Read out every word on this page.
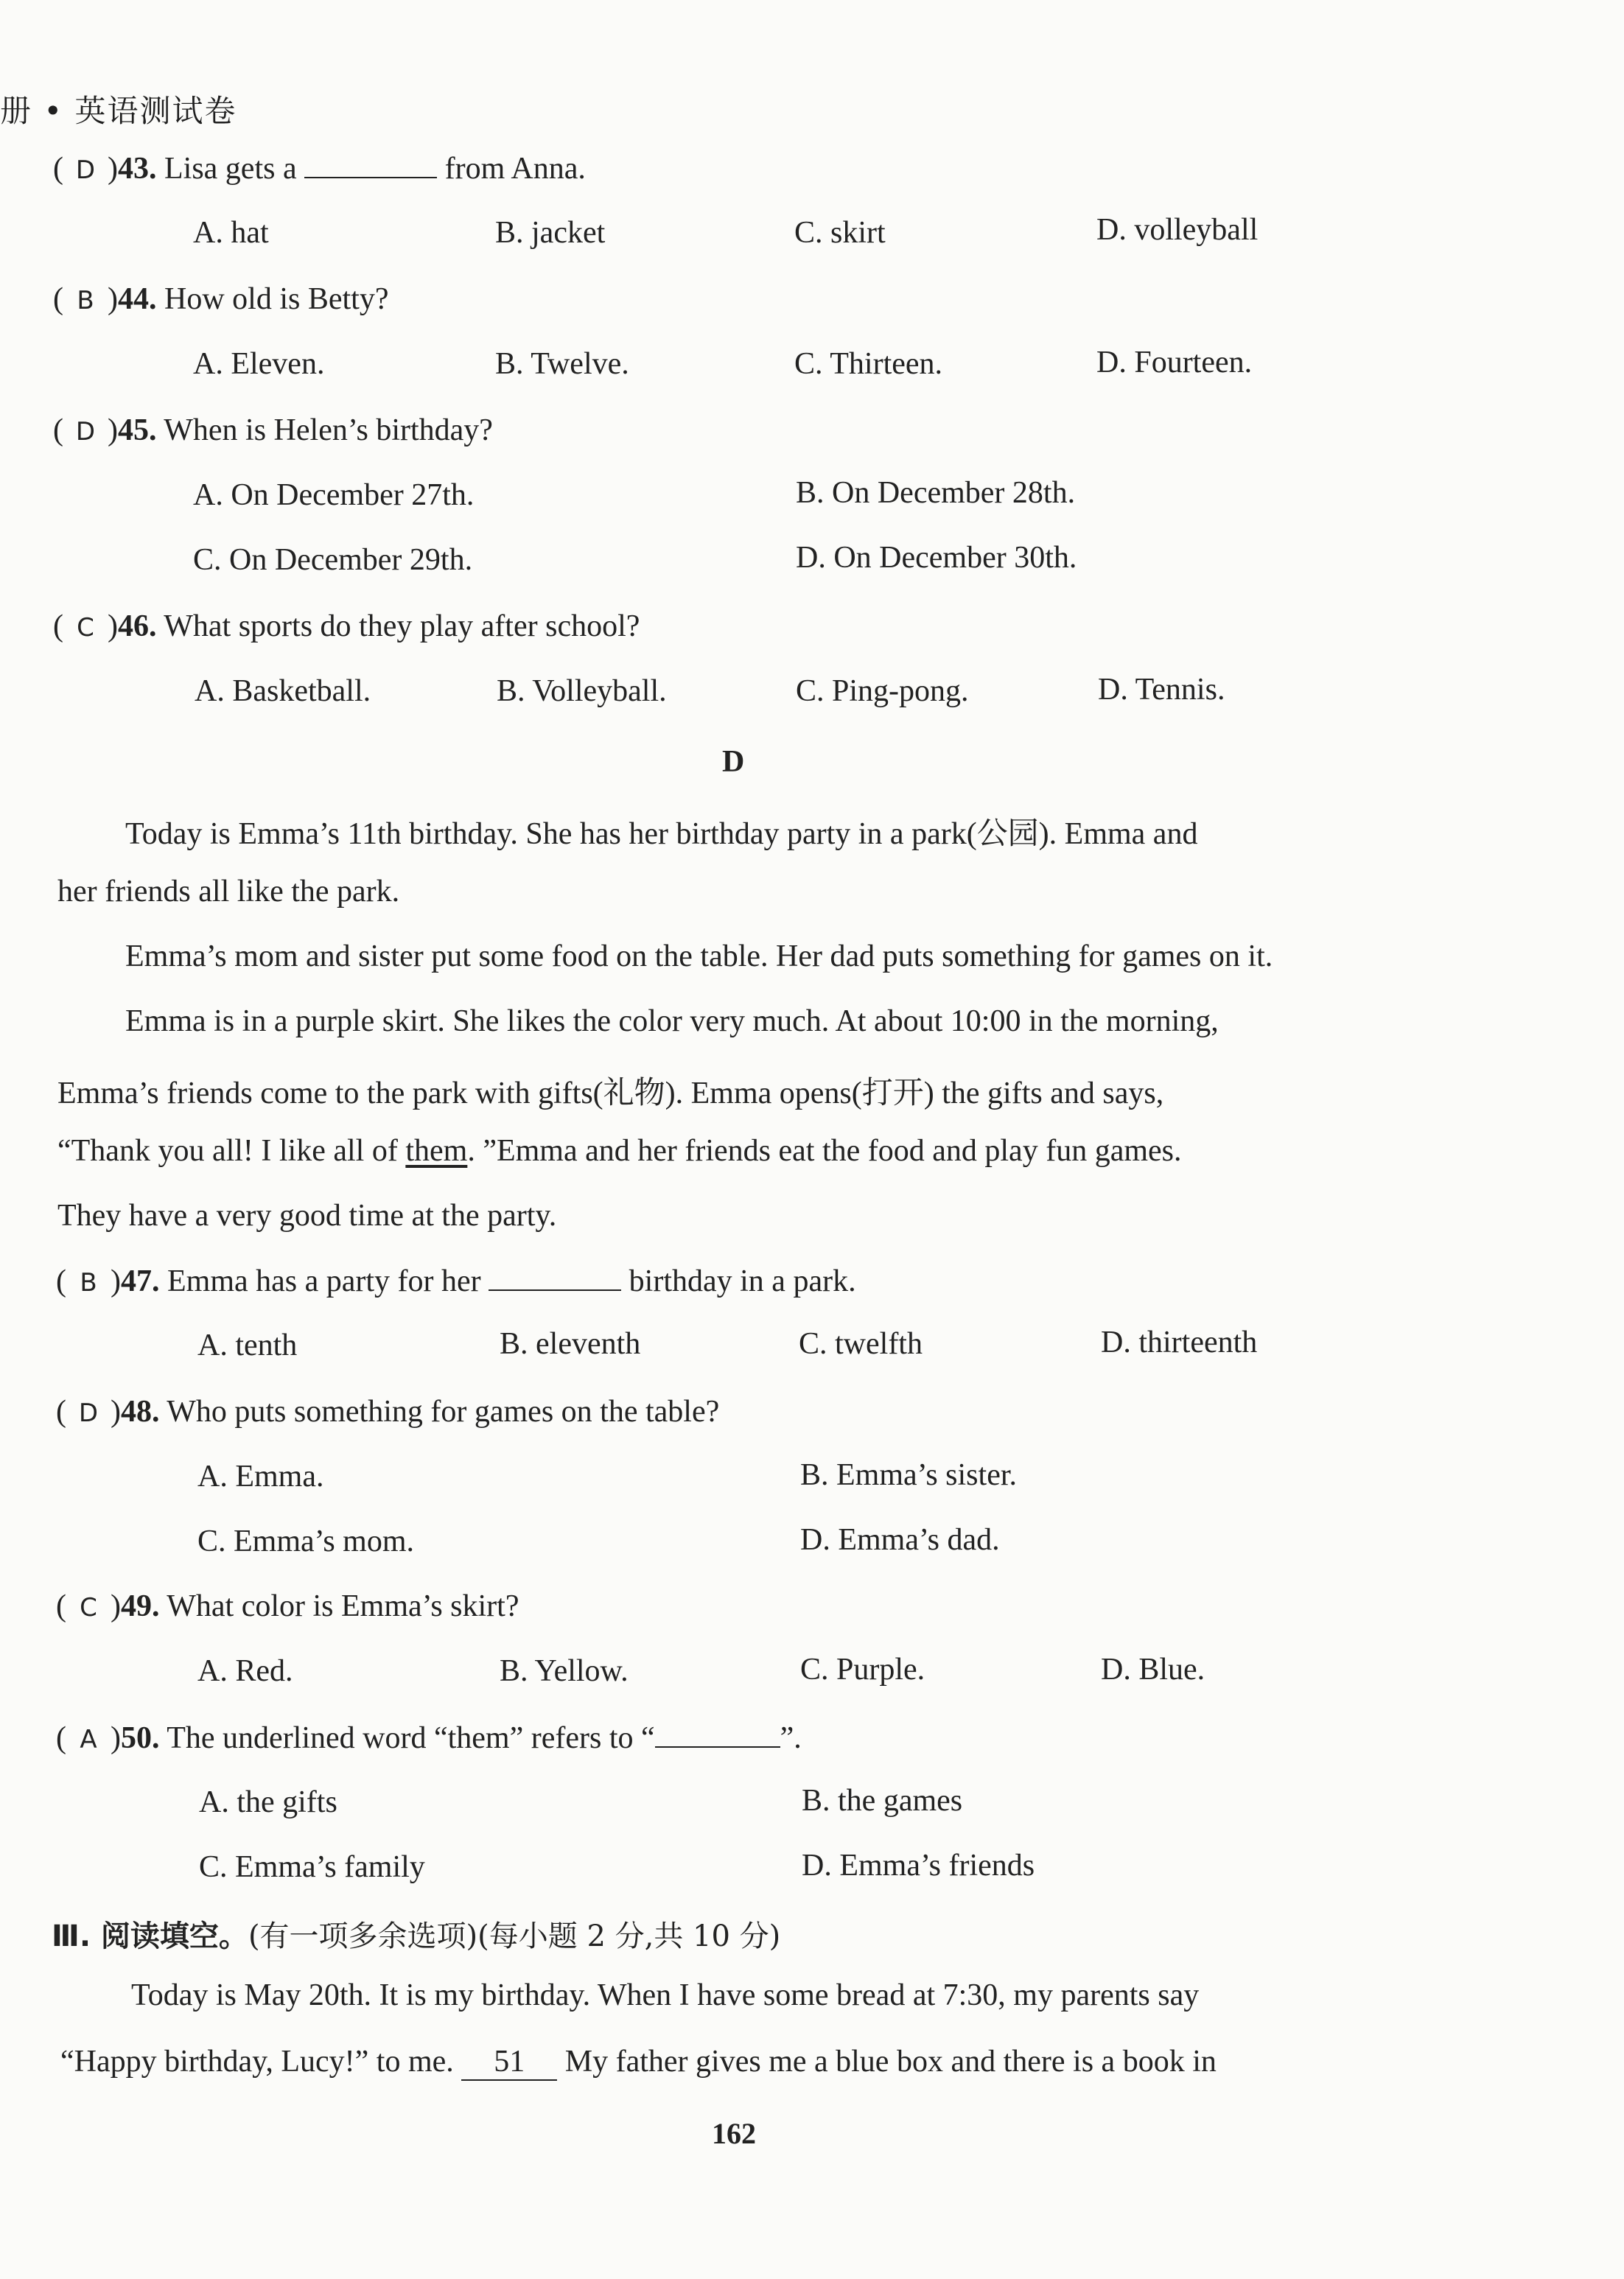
册 • 英语测试卷
( D )43. Lisa gets a	from Anna.
A. hat	B. jacket	C. skirt	D. volleyball
( B )44. How old is Betty?
A. Eleven.	B. Twelve.	C. Thirteen.	D. Fourteen.
( D )45. When is Helen’s birthday?
A. On December 27th.	B. On December 28th.
C. On December 29th.	D. On December 30th.
( C )46. What sports do they play after school?
A. Basketball.	B. Volleyball.	C. Ping-pong.	D. Tennis.
D
Today is Emma’s 11th birthday. She has her birthday party in a park(公园). Emma and
her friends all like the park.
Emma’s mom and sister put some food on the table. Her dad puts something for games on it.
Emma is in a purple skirt. She likes the color very much. At about 10:00 in the morning,
Emma’s friends come to the park with gifts(礼物). Emma opens(打开) the gifts and says,
“Thank you all! I like all of them. ”Emma and her friends eat the food and play fun games.
They have a very good time at the party.
( B )47. Emma has a party for her	birthday in a park.
A. tenth	B. eleventh	C. twelfth	D. thirteenth
( D )48. Who puts something for games on the table?
A. Emma.	B. Emma’s sister.
C. Emma’s mom.	D. Emma’s dad.
( C )49. What color is Emma’s skirt?
A. Red.	B. Yellow.	C. Purple.	D. Blue.
( A )50. The underlined word “them” refers to “	”.
A. the gifts	B. the games
C. Emma’s family	D. Emma’s friends
Ⅲ. 阅读填空。(有一项多余选项)(每小题 2 分,共 10 分)
Today is May 20th. It is my birthday. When I have some bread at 7:30, my parents say
“Happy birthday, Lucy!” to me. 51 My father gives me a blue box and there is a book in
162
